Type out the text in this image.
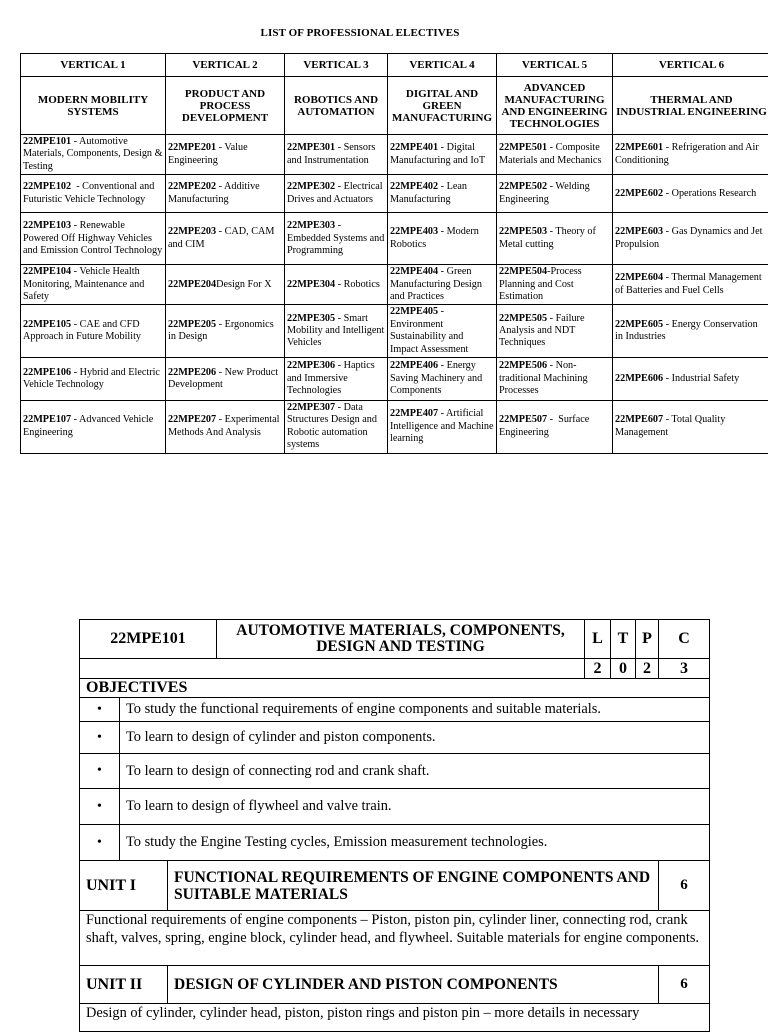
LIST OF PROFESSIONAL ELECTIVES
VERTICAL 1	VERTICAL 2	VERTICAL 3	VERTICAL 4	VERTICAL 5	VERTICAL 6
MODERN MOBILITY SYSTEMS	PRODUCT AND PROCESS DEVELOPMENT	ROBOTICS AND AUTOMATION	DIGITAL AND GREEN MANUFACTURING	ADVANCED MANUFACTURING AND ENGINEERING TECHNOLOGIES	THERMAL AND INDUSTRIAL ENGINEERING
22MPE101 - Automotive Materials, Components, Design & Testing	22MPE201 - Value Engineering	22MPE301 - Sensors and Instrumentation	22MPE401 - Digital Manufacturing and IoT	22MPE501 - Composite Materials and Mechanics	22MPE601 - Refrigeration and Air Conditioning
22MPE102  - Conventional and Futuristic Vehicle Technology	22MPE202 - Additive Manufacturing	22MPE302 - Electrical Drives and Actuators	22MPE402 - Lean Manufacturing	22MPE502 - Welding Engineering	22MPE602 - Operations Research
22MPE103 - Renewable Powered Off Highway Vehicles and Emission Control Technology	22MPE203 - CAD, CAM and CIM	22MPE303 - Embedded Systems and Programming	22MPE403 - Modern Robotics	22MPE503 - Theory of Metal cutting	22MPE603 - Gas Dynamics and Jet Propulsion
22MPE104 - Vehicle Health Monitoring, Maintenance and Safety	22MPE204Design For X	22MPE304 - Robotics	22MPE404 - Green Manufacturing Design and Practices	22MPE504-Process Planning and Cost Estimation	22MPE604 - Thermal Management of Batteries and Fuel Cells
22MPE105 - CAE and CFD Approach in Future Mobility	22MPE205 - Ergonomics in Design	22MPE305 - Smart Mobility and Intelligent Vehicles	22MPE405 - Environment Sustainability and Impact Assessment	22MPE505 - Failure Analysis and NDT Techniques	22MPE605 - Energy Conservation in Industries
22MPE106 - Hybrid and Electric Vehicle Technology	22MPE206 - New Product Development	22MPE306 - Haptics and Immersive Technologies	22MPE406 - Energy Saving Machinery and Components	22MPE506 - Non-traditional Machining Processes	22MPE606 - Industrial Safety
22MPE107 - Advanced Vehicle Engineering	22MPE207 - Experimental Methods And Analysis	22MPE307 - Data Structures Design and Robotic automation systems	22MPE407 - Artificial Intelligence and Machine learning	22MPE507 -  Surface Engineering	22MPE607 - Total Quality Management
22MPE101			AUTOMOTIVE MATERIALS, COMPONENTS, DESIGN AND TESTING	L	T	P	C
				2	0	2	3
OBJECTIVES							
•	To study the functional requirements of engine components and suitable materials.						
•	To learn to design of cylinder and piston components.						
•	To learn to design of connecting rod and crank shaft.						
•	To learn to design of flywheel and valve train.						
•	To study the Engine Testing cycles, Emission measurement technologies.						
UNIT I		FUNCTIONAL REQUIREMENTS OF ENGINE COMPONENTS AND SUITABLE MATERIALS					6
Functional requirements of engine components – Piston, piston pin, cylinder liner, connecting rod, crank shaft, valves, spring, engine block, cylinder head, and flywheel. Suitable materials for engine components.							
UNIT II		DESIGN OF CYLINDER AND PISTON COMPONENTS					6
Design of cylinder, cylinder head, piston, piston rings and piston pin – more details in necessary							
